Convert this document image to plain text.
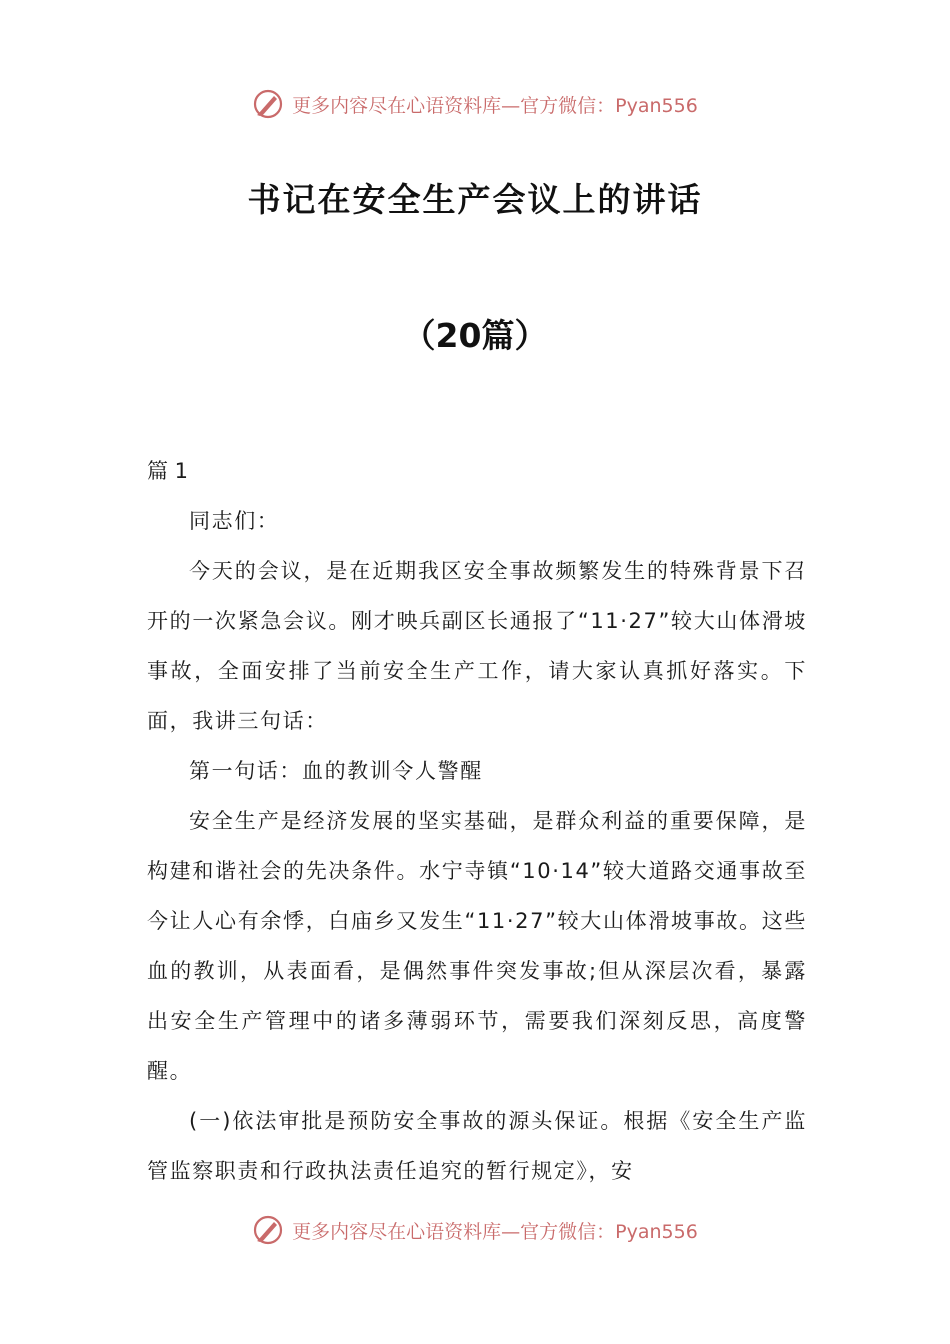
更多内容尽在心语资料库—官方微信：Pyan556
书记在安全生产会议上的讲话
（20篇）
篇 1

同志们：

今天的会议，是在近期我区安全事故频繁发生的特殊背景下召开的一次紧急会议。刚才映兵副区长通报了“11·27”较大山体滑坡事故，全面安排了当前安全生产工作，请大家认真抓好落实。下面，我讲三句话：

第一句话：血的教训令人警醒

安全生产是经济发展的坚实基础，是群众利益的重要保障，是构建和谐社会的先决条件。水宁寺镇“10·14”较大道路交通事故至今让人心有余悸，白庙乡又发生“11·27”较大山体滑坡事故。这些血的教训，从表面看，是偶然事件突发事故;但从深层次看，暴露出安全生产管理中的诸多薄弱环节，需要我们深刻反思，高度警醒。

(一)依法审批是预防安全事故的源头保证。根据《安全生产监管监察职责和行政执法责任追究的暂行规定》，安

更多内容尽在心语资料库—官方微信：Pyan556
